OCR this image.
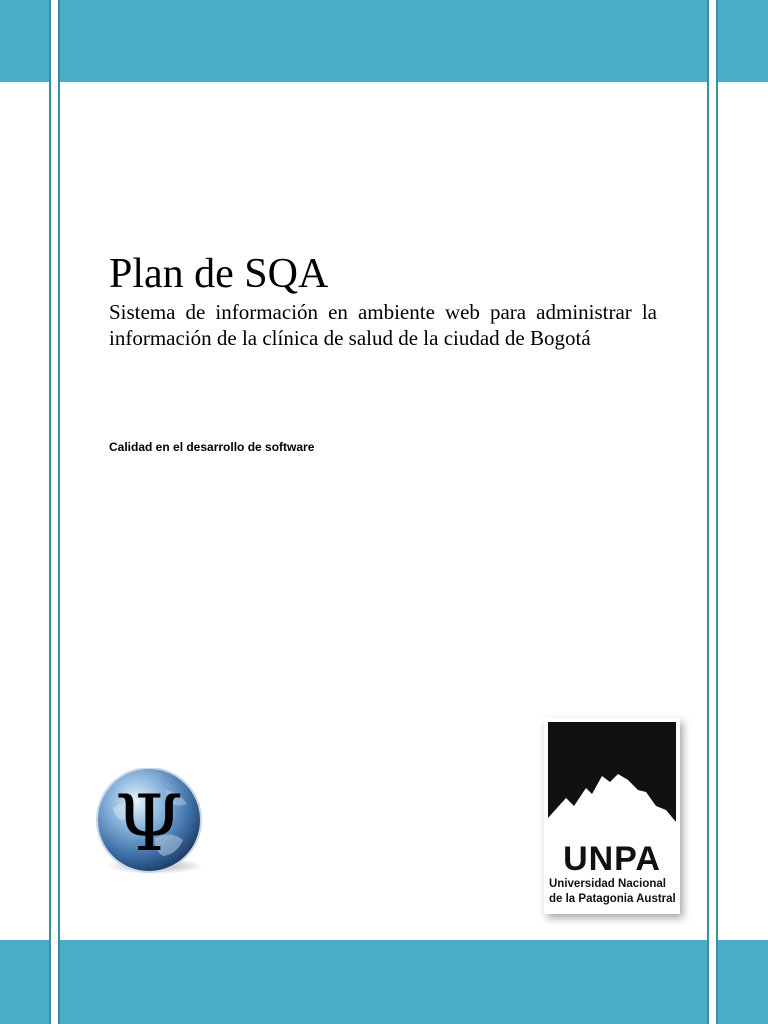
Plan de SQA

Sistema de información en ambiente web para administrar la información de la clínica de salud de la ciudad de Bogotá

Calidad en el desarrollo de software
Ψ	UNPA
Universidad Nacional
de la Patagonia Austral
